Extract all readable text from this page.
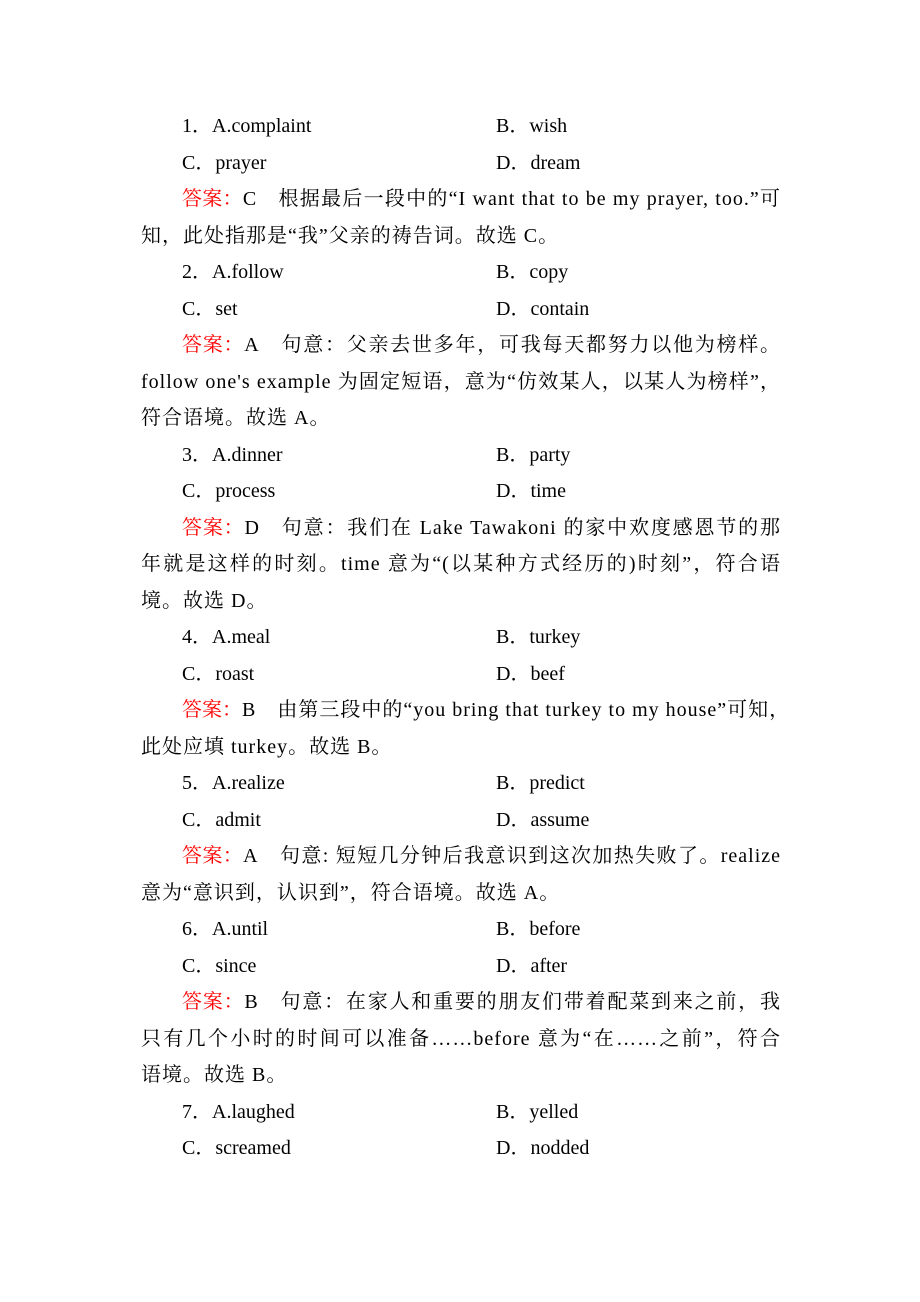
1．A.complaint	B．wish
C．prayer	D．dream
答案：C 根据最后一段中的“I want that to be my prayer, too.”可
知，此处指那是“我”父亲的祷告词。故选 C。
2．A.follow	B．copy
C．set	D．contain
答案：A 句意：父亲去世多年，可我每天都努力以他为榜样。
follow one's example 为固定短语，意为“仿效某人，以某人为榜样”，
符合语境。故选 A。
3．A.dinner	B．party
C．process	D．time
答案：D 句意：我们在 Lake Tawakoni 的家中欢度感恩节的那
年就是这样的时刻。time 意为“(以某种方式经历的)时刻”，符合语
境。故选 D。
4．A.meal	B．turkey
C．roast	D．beef
答案：B 由第三段中的“you bring that turkey to my house”可知，
此处应填 turkey。故选 B。
5．A.realize	B．predict
C．admit	D．assume
答案：A 句意: 短短几分钟后我意识到这次加热失败了。realize
意为“意识到，认识到”，符合语境。故选 A。
6．A.until	B．before
C．since	D．after
答案：B 句意：在家人和重要的朋友们带着配菜到来之前，我
只有几个小时的时间可以准备……before 意为“在……之前”，符合
语境。故选 B。
7．A.laughed	B．yelled
C．screamed	D．nodded
